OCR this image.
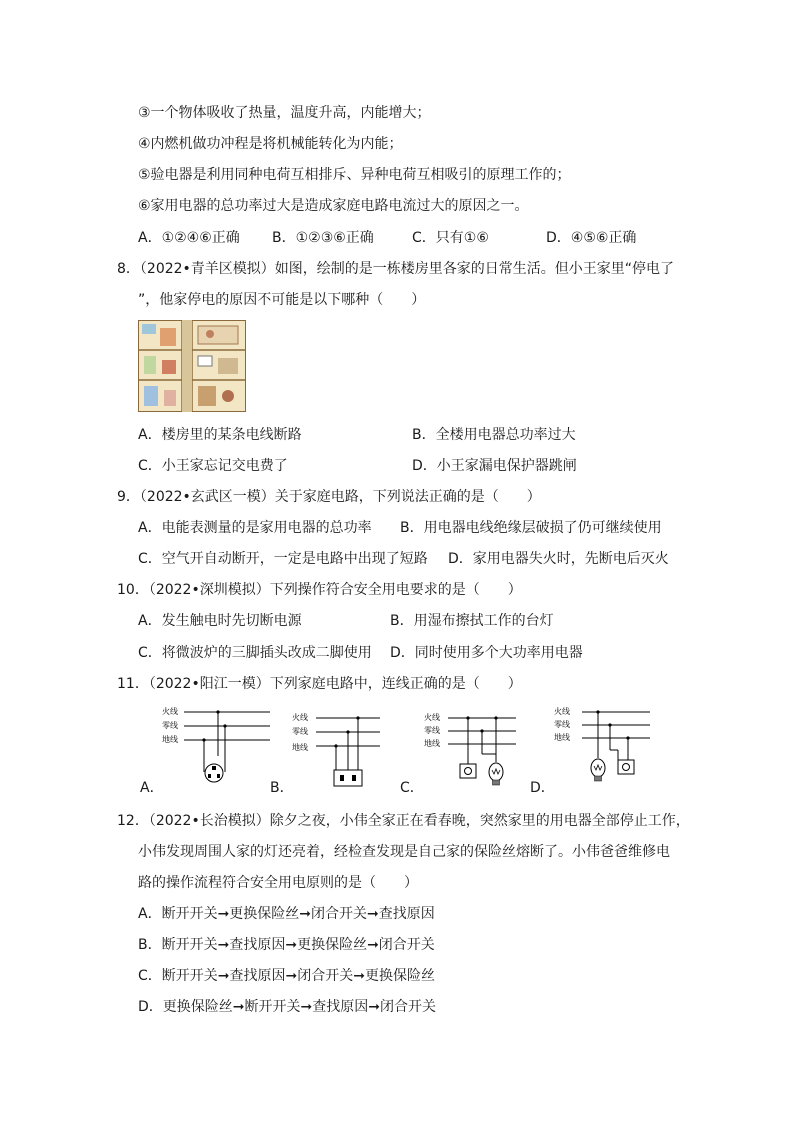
③一个物体吸收了热量，温度升高，内能增大；
④内燃机做功冲程是将机械能转化为内能；
⑤验电器是利用同种电荷互相排斥、异种电荷互相吸引的原理工作的；
⑥家用电器的总功率过大是造成家庭电路电流过大的原因之一。
A．①②④⑥正确 B．①②③⑥正确	C．只有①⑥	D．④⑤⑥正确
8．（2022•青羊区模拟）如图，绘制的是一栋楼房里各家的日常生活。但小王家里“停电了
”，他家停电的原因不可能是以下哪种（　　）
A．楼房里的某条电线断路	B．全楼用电器总功率过大
C．小王家忘记交电费了	D．小王家漏电保护器跳闸
9．（2022•玄武区一模）关于家庭电路，下列说法正确的是（　　）
A．电能表测量的是家用电器的总功率 B．用电器电线绝缘层破损了仍可继续使用
C．空气开自动断开，一定是电路中出现了短路 D．家用电器失火时，先断电后灭火
10．（2022•深圳模拟）下列操作符合安全用电要求的是（　　）
A．发生触电时先切断电源	B．用湿布擦拭工作的台灯
C．将微波炉的三脚插头改成二脚使用 D．同时使用多个大功率用电器
11．（2022•阳江一模）下列家庭电路中，连线正确的是（　　）
火线
零线
地线
A．
火线
零线
地线
B．
火线
零线
地线
C．
火线
零线
地线
D．
12．（2022•长治模拟）除夕之夜，小伟全家正在看春晚，突然家里的用电器全部停止工作，
小伟发现周围人家的灯还亮着，经检查发现是自己家的保险丝熔断了。小伟爸爸维修电
路的操作流程符合安全用电原则的是（　　）
A．断开开关➞更换保险丝➞闭合开关➞查找原因
B．断开开关➞查找原因➞更换保险丝➞闭合开关
C．断开开关➞查找原因➞闭合开关➞更换保险丝
D．更换保险丝➞断开开关➞查找原因➞闭合开关
